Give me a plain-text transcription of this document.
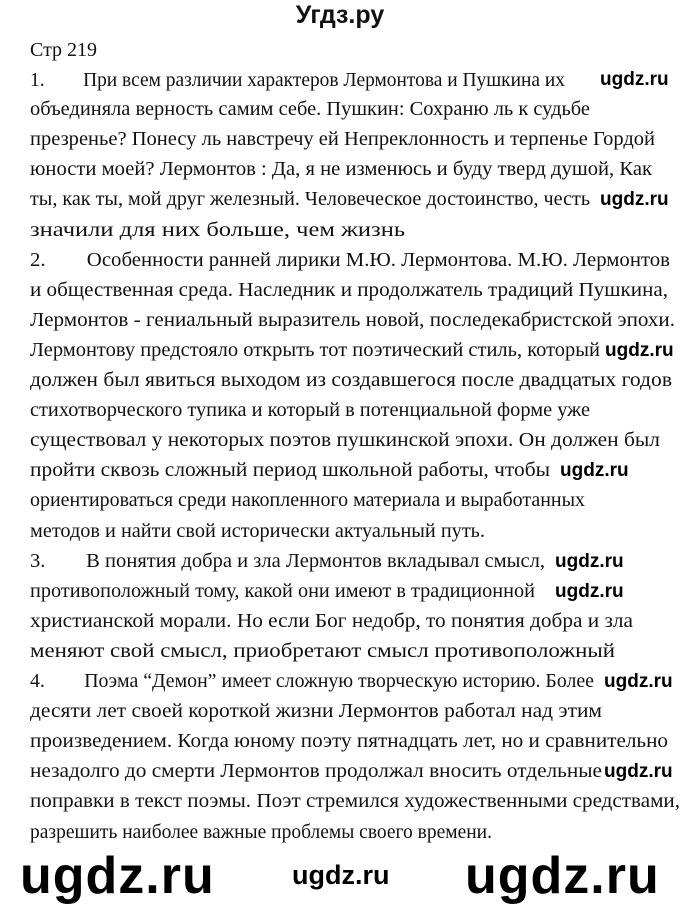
Угдз.ру
Стр 219
1. При всем различии характеров Лермонтова и Пушкина их
объединяла верность самим себе. Пушкин: Сохраню ль к судьбе
презренье? Понесу ль навстречу ей Непреклонность и терпенье Гордой
юности моей? Лермонтов : Да, я не изменюсь и буду тверд душой, Как
ты, как ты, мой друг железный. Человеческое достоинство, честь
значили для них больше, чем жизнь
2. Особенности ранней лирики М.Ю. Лермонтова. М.Ю. Лермонтов
и общественная среда. Наследник и продолжатель традиций Пушкина,
Лермонтов - гениальный выразитель новой, последекабристской эпохи.
Лермонтову предстояло открыть тот поэтический стиль, который
должен был явиться выходом из создавшегося после двадцатых годов
стихотворческого тупика и который в потенциальной форме уже
существовал у некоторых поэтов пушкинской эпохи. Он должен был
пройти сквозь сложный период школьной работы, чтобы
ориентироваться среди накопленного материала и выработанных
методов и найти свой исторически актуальный путь.
3. В понятия добра и зла Лермонтов вкладывал смысл,
противоположный тому, какой они имеют в традиционной
христианской морали. Но если Бог недобр, то понятия добра и зла
меняют свой смысл, приобретают смысл противоположный
4. Поэма “Демон” имеет сложную творческую историю. Более
десяти лет своей короткой жизни Лермонтов работал над этим
произведением. Когда юному поэту пятнадцать лет, но и сравнительно
незадолго до смерти Лермонтов продолжал вносить отдельные
поправки в текст поэмы. Поэт стремился художественными средствами,
разрешить наиболее важные проблемы своего времени.
ugdz.ru
ugdz.ru
ugdz.ru
ugdz.ru
ugdz.ru
ugdz.ru
ugdz.ru
ugdz.ru
ugdz.ru	ugdz.ru
ugdz.ru
